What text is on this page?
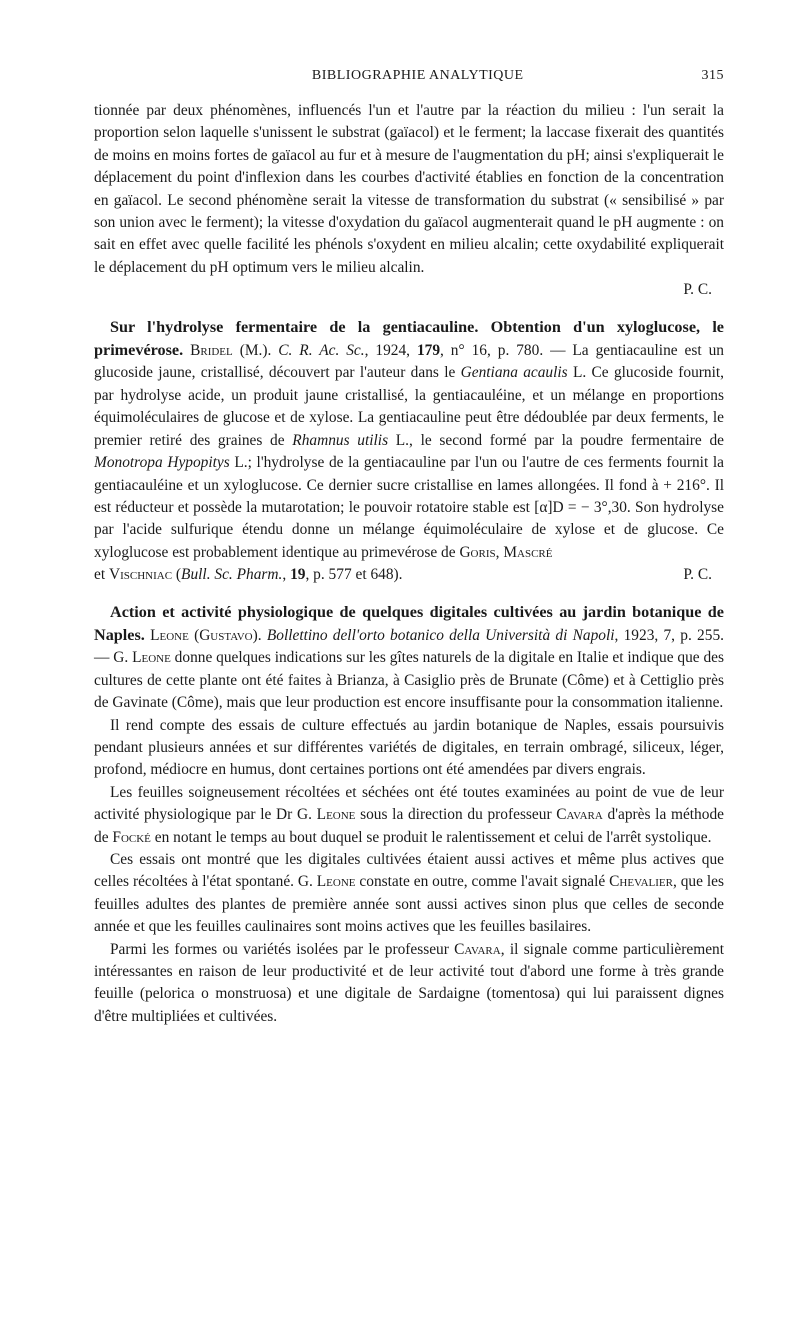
BIBLIOGRAPHIE ANALYTIQUE	315

tionnée par deux phénomènes, influencés l'un et l'autre par la réaction du milieu : l'un serait la proportion selon laquelle s'unissent le substrat (gaïacol) et le ferment; la laccase fixerait des quantités de moins en moins fortes de gaïacol au fur et à mesure de l'augmentation du pH; ainsi s'expliquerait le déplacement du point d'inflexion dans les courbes d'activité établies en fonction de la concentration en gaïacol. Le second phénomène serait la vitesse de transformation du substrat (« sensibilisé » par son union avec le ferment); la vitesse d'oxydation du gaïacol augmenterait quand le pH augmente : on sait en effet avec quelle facilité les phénols s'oxydent en milieu alcalin; cette oxydabilité expliquerait le déplacement du pH optimum vers le milieu alcalin.

P. C.

Sur l'hydrolyse fermentaire de la gentiacauline. Obtention d'un xyloglucose, le primevérose. Bridel (M.). C. R. Ac. Sc., 1924, 179, n° 16, p. 780. — La gentiacauline est un glucoside jaune, cristallisé, découvert par l'auteur dans le Gentiana acaulis L. Ce glucoside fournit, par hydrolyse acide, un produit jaune cristallisé, la gentiacauléine, et un mélange en proportions équimoléculaires de glucose et de xylose. La gentiacauline peut être dédoublée par deux ferments, le premier retiré des graines de Rhamnus utilis L., le second formé par la poudre fermentaire de Monotropa Hypopitys L.; l'hydrolyse de la gentiacauline par l'un ou l'autre de ces ferments fournit la gentiacauléine et un xyloglucose. Ce dernier sucre cristallise en lames allongées. Il fond à + 216°. Il est réducteur et possède la mutarotation; le pouvoir rotatoire stable est [α]D = − 3°,30. Son hydrolyse par l'acide sulfurique étendu donne un mélange équimoléculaire de xylose et de glucose. Ce xyloglucose est probablement identique au primevérose de Goris, Mascré

et Vischniac (Bull. Sc. Pharm., 19, p. 577 et 648).	P. C.

Action et activité physiologique de quelques digitales cultivées au jardin botanique de Naples. Leone (Gustavo). Bollettino dell'orto botanico della Università di Napoli, 1923, 7, p. 255. — G. Leone donne quelques indications sur les gîtes naturels de la digitale en Italie et indique que des cultures de cette plante ont été faites à Brianza, à Casiglio près de Brunate (Côme) et à Cettiglio près de Gavinate (Côme), mais que leur production est encore insuffisante pour la consommation italienne.

Il rend compte des essais de culture effectués au jardin botanique de Naples, essais poursuivis pendant plusieurs années et sur différentes variétés de digitales, en terrain ombragé, siliceux, léger, profond, médiocre en humus, dont certaines portions ont été amendées par divers engrais.

Les feuilles soigneusement récoltées et séchées ont été toutes examinées au point de vue de leur activité physiologique par le Dr G. Leone sous la direction du professeur Cavara d'après la méthode de Focké en notant le temps au bout duquel se produit le ralentissement et celui de l'arrêt systolique.

Ces essais ont montré que les digitales cultivées étaient aussi actives et même plus actives que celles récoltées à l'état spontané. G. Leone constate en outre, comme l'avait signalé Chevalier, que les feuilles adultes des plantes de première année sont aussi actives sinon plus que celles de seconde année et que les feuilles caulinaires sont moins actives que les feuilles basilaires.

Parmi les formes ou variétés isolées par le professeur Cavara, il signale comme particulièrement intéressantes en raison de leur productivité et de leur activité tout d'abord une forme à très grande feuille (pelorica o monstruosa) et une digitale de Sardaigne (tomentosa) qui lui paraissent dignes d'être multipliées et cultivées.
